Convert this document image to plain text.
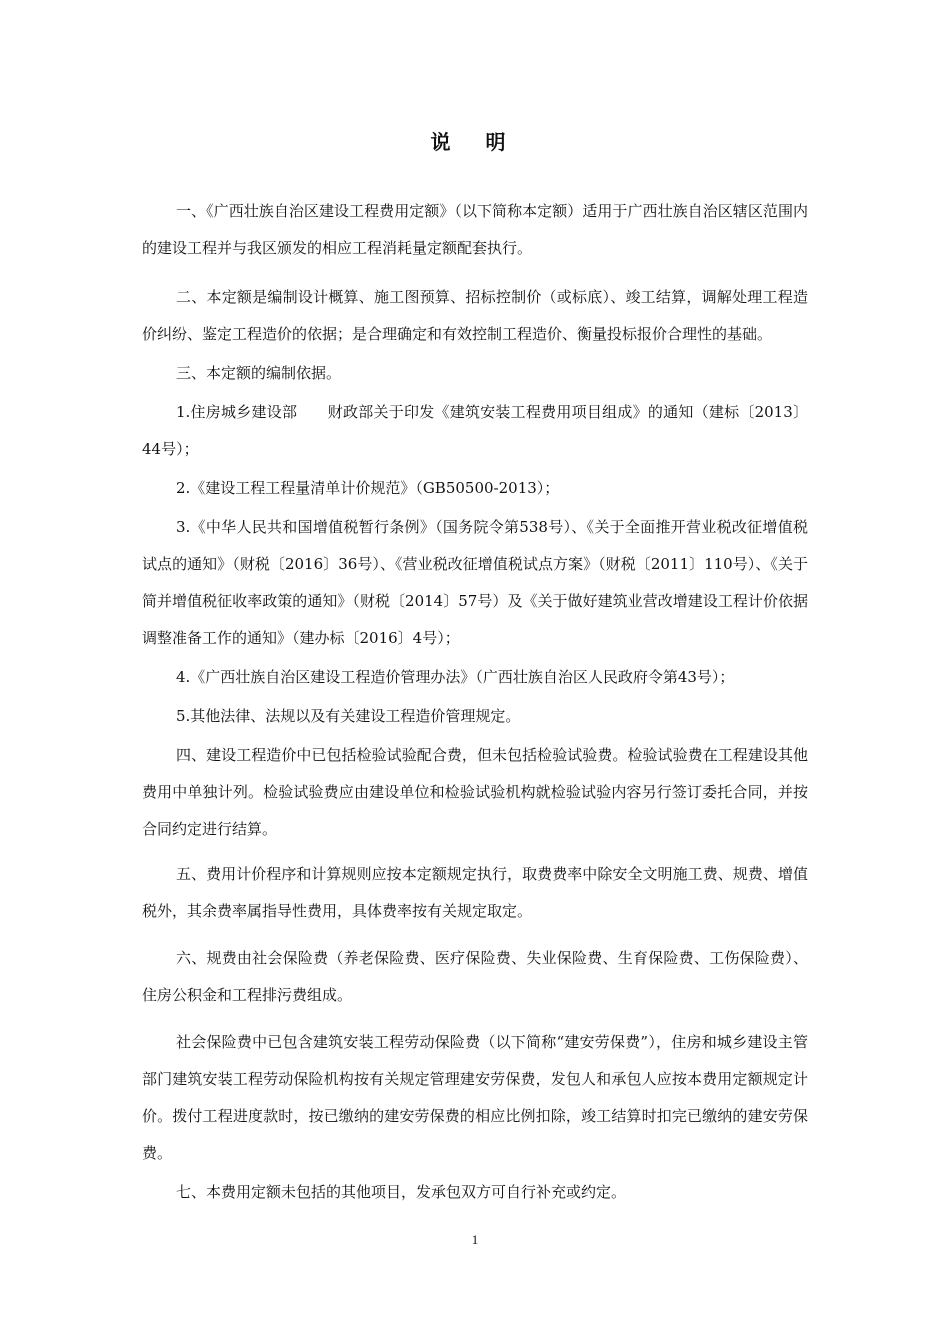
说 明

一、《广西壮族自治区建设工程费用定额》（以下简称本定额）适用于广西壮族自治区辖区范围内的建设工程并与我区颁发的相应工程消耗量定额配套执行。

二、本定额是编制设计概算、施工图预算、招标控制价（或标底）、竣工结算，调解处理工程造价纠纷、鉴定工程造价的依据；是合理确定和有效控制工程造价、衡量投标报价合理性的基础。

三、本定额的编制依据。

1.住房城乡建设部　　财政部关于印发《建筑安装工程费用项目组成》的通知（建标〔2013〕44号）；

2.《建设工程工程量清单计价规范》（GB50500-2013）；

3.《中华人民共和国增值税暂行条例》（国务院令第538号）、《关于全面推开营业税改征增值税试点的通知》（财税〔2016〕36号）、《营业税改征增值税试点方案》（财税〔2011〕110号）、《关于简并增值税征收率政策的通知》（财税〔2014〕57号）及《关于做好建筑业营改增建设工程计价依据调整准备工作的通知》（建办标〔2016〕4号）；

4.《广西壮族自治区建设工程造价管理办法》（广西壮族自治区人民政府令第43号）；

5.其他法律、法规以及有关建设工程造价管理规定。

四、建设工程造价中已包括检验试验配合费，但未包括检验试验费。检验试验费在工程建设其他费用中单独计列。检验试验费应由建设单位和检验试验机构就检验试验内容另行签订委托合同，并按合同约定进行结算。

五、费用计价程序和计算规则应按本定额规定执行，取费费率中除安全文明施工费、规费、增值税外，其余费率属指导性费用，具体费率按有关规定取定。

六、规费由社会保险费（养老保险费、医疗保险费、失业保险费、生育保险费、工伤保险费）、住房公积金和工程排污费组成。

社会保险费中已包含建筑安装工程劳动保险费（以下简称“建安劳保费”），住房和城乡建设主管部门建筑安装工程劳动保险机构按有关规定管理建安劳保费，发包人和承包人应按本费用定额规定计价。拨付工程进度款时，按已缴纳的建安劳保费的相应比例扣除，竣工结算时扣完已缴纳的建安劳保费。

七、本费用定额未包括的其他项目，发承包双方可自行补充或约定。

1
